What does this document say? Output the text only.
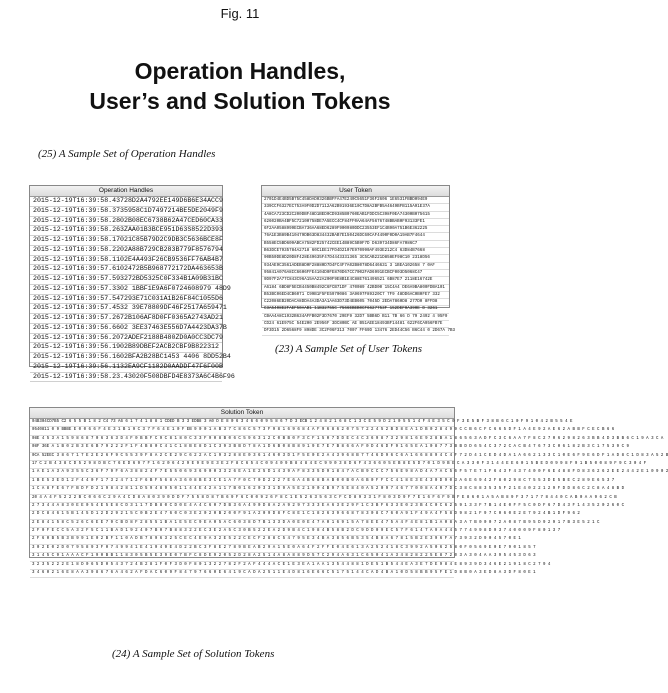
Fig. 11
Operation Handles,
User’s and Solution Tokens
(25) A Sample Set of Operation Handles
Operation Handles
2015-12-19T16:39:58.43728D2A4792EE149D6B6E34ACC9
2015-12-19T16:39:58.3735958C1D7497214BE5DE2049F9
2015-12-19T16:39:58.2802B08EC6738B62A47CED60CA33
2015-12-19T16:39:58.263ZAA01B3BCE951D63S8522D393
2015-12-19T16:39:58.17021C85B79D2C9DB3C5636BCE8F
2015-12-19T16:39:58.2202A88B729CB283B779F8576794
2015-12-19T16:39:58.1102E4A493F26CB9536FF76AB4B7
2015-12-19T16:39:57.6102472B5B968772172DA463653B
2015-12-19T16:39:57.593272BD5325C0F334B1A09B31BC
2015-12-19T16:39:57.3302 1BBF1E9A6F0724608979 48D9
2015-12-19T16:39:57.547293E71C031A1B26F84C1055D6
2015-12-19T16:39:57.4532 39E78809DF46F2517A659471
2015-12-19T16:39:57.2672B106AF8D0FF0365A2743AD21
2015-12-19T16:39:56.6602 3EE37463E556D7A4423DA37B
2015-12-19T16:39:56.2072ADEF2188B480ZD0A0CC3DC79
2015-12-19T16:39:56.1902B89DBEF2ACB2CBF9B822312
2015-12-19T16:39:56.1602BFA2B28BC1453 4406 8DD52B4
2015-12-19T16:39:56.1132EA9CF1182D0AADDF47F6F00B
2015-12-19T16:39:58.23.43020F508DBFD4E8373A6C4B6F96
User Token
2701D4E4BD5B75C458DAD0326BBFFA47E240C5651F36F2606 1E6531FBBD094E9
339CCF6327EC753A9F0D2D7112A62B91936E10C7D8A2BFB5A4649BFB115A91E37A
4A8CA723CD2C200DBF48D1BED0CD9385B0760EAB1FDDC5C398F0EA74300B075615
626020BA4BF5C72100758DE7A5ECC4CF84FF0AA64AF5676748BBAB0F93133FE1
6F2AA0588999ECBA736AA68ED6289F900980DDC23553EF1C4B90A751B6E362225
76A1E3B89B410479DB63D834432BAB7E150426DC60CAF4490F0D0A19AB7F4644
B558EC5BD609ABCA7582FD25742CEE14B89C5B9F7D D639734D86FA7086C7
B63DCE7935784A2718 60C1EE17FD4D2107E970990AF493E212C4 63D84B7668
90B50DE8D20D8F428E49635F47D4443331365 3C5CAB221D858EF98C10 2318D56
934AE9C3561ADEB8D0F28880D7D4FC4F7A02B8078D6446631 3 1BEA102658 7 0AF
95841A076A8IC6606FFE4104D0FE870D67CC7002FAD6991ECBCF003D5068C47
9D97F2A77C843C96A15AA22A200F9E8B1E4C88E761496521 6B87E7 2118E16742E
A6184 6BD8F5ECB4450B8492C6FCB71DF 470089 42BD00 15C4A4 DE6A9BA800FDBA101
B53BC06ED4CB6071 C99B1F5FE5970086 3A9697F89320C7 7F9 48DD6AC0B0FE7 332
C22086EB20DACA8DDA4A3DA3A1AA63D73D4EB605 7045D 2EDA7860D8 277D0 8FFD8
C3A5408E2FAEF50AAB1 11B32755C 7566EBEB0CF6627753F 152DEF0A390E D 3261
CBAA4A8C1932B634AFFB02F3D7670 29EF9 32D7 5BB6D B11 7B 66 D 79 2492 4 95F9
CD24 61E975C 54E200 2E956F 3DC80BC AE B51AEE18493BF14481 622F6CA956FB7E
DF3D15 2D6568F9 898DE 3C2F06F313 7007 FF69D 13476 2ED44C56 B6C44 0 2D67A 7B3
(23) A Sample Set of User Tokens
Solution Token
04B304CD7B5 C2 6 5 5 B 1 8 2 C4 73 A6 6 1 7 4 1 8 8 1 CDED B 3 3 EDB8 3 A0 D E 8 0 6 3 4 6 6 0 9 5 8 6 7 D 3 ECB 1 2 4 8 2 1 6 8 C 1 3 C E 5 9 D 2 1 0 5 5 1 4 F 4 E 3 5 C 0 F 3 E 5 B F 3 8 B 6 C 1 0 F 9 1 0 4 2 B 5 5 4 E
0540811 0 9 BBBE E 0 0 6 6 F 4 E 3 1 B 1 9 C 3 7 F 6 4 E 1 0 F EB 9 0 0 1 A B 3 7 C 8 6 C 5 7 3 F 9 8 1 6 9 6 8 4 A F 9 6 8 6 2 0 7 5 7 2 2 4 5 2 B D 8 E A 1 D B 0 2 8 4 9 9 C C B 6 C F C 6 6 5 D F 1 A 4 E 9 2 A E 6 2 A B B F C E C B 6 6
08E 4 5 3 A 1 5 9 8 6 8 7 0 6 3 6 3 D 4 F 0 B B F C 9 C 8 1 8 0 C 3 3 F 9 0 8 B 0 6 C 5 9 6 3 1 2 C 0 B B 0 F 3 C F 1 5 0 7 D D E C 4 C 3 6 9 8 7 3 2 9 8 1 6 E 9 2 8 B A 1 8 6 5 6 3 A D F C 3 C 6 A A 7 F 8 C 2 7 0 6 2 9 8 2 6 3 B B 4 D 3 B B 6 C 1 9 A 3 C A
08F 36E A 1 B 0 2 B 3 E 6 B 7 9 2 2 2 F 1 F 4 B 8 0 C 4 1 C 1 8 B E 8 D 1 C 3 9 3 B B D 7 8 A 1 D 6 B 0 8 B 8 9 1 9 E 7 E 7 B 8 6 6 A F 0 D 4 6 D F 9 1 6 5 E A 1 0 8 7 7 3 B B D D 6 5 4 C 3 7 2 C A C B 4 7 6 7 3 C 0 6 1 8 2 B 3 C 1 7 5 3 9 C 9
0CA 52EEC 3 8 6 7 1 7 E 2 E 2 6 F 9 C 5 5 3 9 F 8 A 2 C E 2 9 C 6 2 2 A C 1 9 3 2 8 8 E 0 3 6 1 4 6 0 3 D 1 F 5 E 0 E 2 A 4 3 9 6 8 B 7 7 4 6 D 9 6 C 6 A 1 6 6 8 8 9 4 C 4 F 7 2 D 4 1 C E D 4 D A 1 A 6 6 2 1 3 3 C 1 0 E 6 F 9 E 6 D F 1 A D 8 C 1 D 8 3 A 5 2 B
17 C 2 B 4 3 8 C D 5 2 9 8 D B C 7 6 E D 6 9 7 F 1 6 2 0 6 4 2 9 E 9 E 9 E 3 E 2 F 8 C 6 5 4 C 0 9 4 0 9 B 8 4 8 4 E C 9 9 0 3 8 D 6 F 4 3 6 6 0 5 E B 8 E 5 D 7 0 1 D 9 B E C A 3 3 0 F 3 1 4 4 E E 6 0 1 5 B E D 0 9 9 8 F 9 1 B 5 0 0 8 9 F 9 C 3 0 4 F
1 A E 1 A 3 A 9 3 5 5 C 3 6 F 7 9 F 6 A 3 8 8 2 4 F 7 E 5 5 0 6 9 3 6 9 0 0 3 3 2 6 E A 1 E 2 5 D 1 4 3 9 A F 8 3 3 5 D 9 1 8 4 7 A C B 9 C C C 7 5 6 E 9 8 A D 4 A 7 A C 5 6 F 5 7 E 7 1 F 6 4 3 F 4 3 7 4 0 0 F 6 E 4 8 8 F D 8 3 6 2 6 2 E E 2 4 4 2 E 1 0 9 0 2
1 B E 5 3 E D 1 2 F 4 4 0 F 1 7 3 2 4 7 1 2 F 6 B F 5 6 8 A 3 6 0 8 B E 3 C E 1 A 7 F 0 C 7 0 D 2 2 2 7 E 6 A 4 B 6 8 B A B 0 0 B 0 A 6 B 0 F F C C 4 1 8 E 3 E 4 3 0 D 9 0 3 A 6 E 6 9 4 2 F 8 0 2 9 8 C 7 5 5 3 D E 5 B E C 2 8 9 E 6 5 3 7
1 C A 8 F E 6 7 F B D F D 2 1 9 8 4 2 8 1 1 D 5 9 4 8 9 5 0 1 1 4 4 E 4 2 A 1 1 7 B 0 1 6 2 0 3 3 1 D 9 A 5 E 2 1 0 0 4 B 9 7 5 E 8 4 0 A 5 2 0 9 7 4 6 7 7 0 0 8 A 4 0 7 D C 3 8 C 8 8 3 5 3 5 F 2 1 E 4 0 2 2 1 2 9 F D D 8 6 C 2 C 8 A 4 8 B D
20 4 A 4 F 5 2 2 2 B C 0 6 6 C 2 9 A 4 C D 8 A 8 0 3 9 0 D D F 7 5 5 8 D 8 7 B 6 9 F 6 C 0 0 9 2 6 F 8 C 1 E 5 2 6 3 5 6 3 C F C D 8 9 3 3 1 F 8 0 3 D 9 F 7 E 1 6 F 6 F 9 B F E 8 6 0 1 A 5 A B 8 9 F 3 7 1 7 7 8 4 4 0 C A B 0 A A 9 6 2 C B
2 7 3 4 4 A 8 3 0 E E 0 5 4 E 5 E 8 C D 3 1 1 7 D B 8 0 C D 0 E 4 A 4 C 6 0 7 D B 3 6 A 4 9 0 D 8 A 2 A 9 2 9 7 3 3 3 E A 6 3 E 2 9 F 1 C 3 B F 6 3 3 E 0 2 3 B 4 C 0 C 6 2 5 9 1 3 3 F 7 B 1 4 E 0 F F 5 C 0 D F 6 7 D 4 3 F 1 4 3 5 2 0 2 6 0 C
2 D C 8 4 6 1 5 B 1 4 5 D 1 2 D 2 9 2 1 5 C 0 B 2 E 4 7 6 0 C 0 3 E 2 0 2 0 B 2 0 0 F 9 1 A 2 0 9 D 8 F C 8 E 1 C 1 8 2 6 3 9 6 6 8 7 8 3 0 8 C 7 6 0 A 9 1 F 4 9 A 4 F 5 8 D 9 8 2 1 F 9 7 C 0 6 0 E 2 E 7 9 2 4 B 1 D F 9 6 2
2 E 8 4 1 5 8 C 5 2 6 C 6 E E 7 9 C B D 8 F 2 8 5 5 1 B A 1 E 5 E C 9 E A 0 5 A C 6 0 3 8 D 7 B 1 3 3 D A 0 E 0 E 4 7 A 0 1 6 9 1 5 A 7 8 E E 4 7 5 A 4 F 4 E 8 1 B 1 A 0 8 A 3 A 7 B 0 0 0 7 2 A 0 8 7 B 9 5 D 9 2 9 1 7 B 3 E 5 2 1 C
2 F 0 F E C C 5 A 3 2 F 5 C 1 1 B A D 1 9 2 4 0 7 B 0 7 B 8 8 3 2 2 E C 3 E 2 A 5 C 3 0 B 5 2 2 E A 2 D 9 B 4 C 1 9 8 4 B 5 8 B 2 D C 9 D D 0 9 E C 5 7 F 6 1 4 7 A 9 A 4 4 5 7 7 4 9 9 8 D 9 3 7 4 0 0 0 9 F 8 0 1 3 7
2 F 6 0 B 5 B 3 B 9 9 1 E 0 2 B F 1 1 0 A D B 7 8 9 6 3 2 5 C E C 4 E 9 A 3 2 E 5 2 2 C E C F 2 8 8 C 5 4 7 9 5 E 3 4 B A 3 8 5 6 B 5 3 5 4 B 8 A 6 7 8 1 5 B 2 E 3 9 6 F A 7 3 9 3 2 D 9 0 4 5 7 0 E 1
3 0 2 E 0 2 D 0 7 9 5 8 9 3 F 0 7 4 9 9 4 1 E 4 1 9 4 9 E 4 D 2 2 B C 3 F 8 E 2 7 8 9 B E A B 2 9 A 1 5 E 0 A 6 4 F 2 F F E 0 4 E 6 1 3 A 2 5 2 4 1 8 C 3 9 9 2 A 5 0 6 2 5 8 0 F 0 5 6 9 E 0 E 7 9 0 1 8 5 7
3 1 4 5 C 9 1 A A A C F 1 9 0 B B 1 1 8 3 0 5 B 5 E 3 9 E 0 7 B F C 8 D E 9 2 0 5 2 D 2 8 A 2 5 1 4 A 8 A 8 8 9 D 5 7 C 2 9 4 A 6 3 1 C 6 5 0 4 1 A 3 4 8 2 8 2 2 5 E 8 7 2 0 3 A 3 0 4 A A 3 9 5 4 5 3 D 6 3
3 2 3 5 2 2 2 E 1 8 D 0 6 5 D 0 5 4 3 7 2 4 B 2 8 1 F 0 F 3 D 0 F 8 0 1 3 2 2 7 8 2 F 2 A F 4 4 4 A C E 1 E 3 E A 1 A A 1 3 5 4 4 8 8 1 D E 5 1 B 5 4 4 E A 3 E 7 D E 9 8 4 E 8 9 3 9 D 3 4 6 E 2 1 9 1 8 C 2 7 9 4
3 4 6 0 2 1 6 E 8 A A 3 9 8 6 7 6 A 4 6 2 A F D A C 6 0 9 F 8 4 7 9 7 6 6 0 E 6 4 1 9 C A D A 2 5 1 1 E 4 D 8 1 6 E 6 6 C 5 1 7 5 1 4 4 C A D 4 B A 1 0 D 5 8 B B 9 5 F E 1 D 8 B 0 A 3 E D 8 A 3 D F 8 0 E 1
(24) A Sample Set of Solution Tokens
